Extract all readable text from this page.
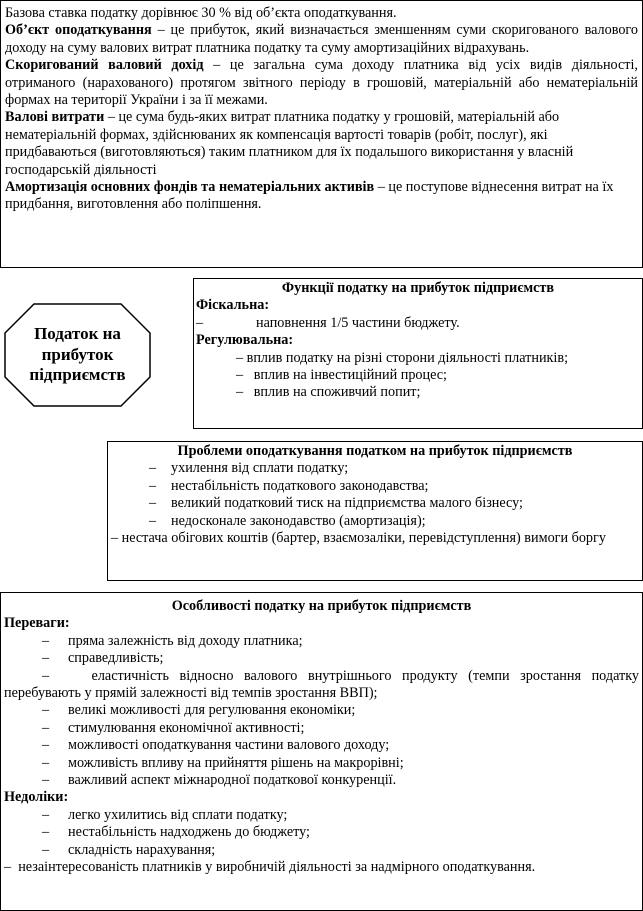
Базова ставка податку дорівнює 30 % від об’єкта оподаткування.
Об’єкт оподаткування – це прибуток, який визначається зменшенням суми скоригованого валового доходу на суму валових витрат платника податку та суму амортизаційних відрахувань.
Скоригований валовий дохід – це загальна сума доходу платника від усіх видів діяльності, отриманого (нарахованого) протягом звітного періоду в грошовій, матеріальній або нематеріальній формах на території України і за її межами.
Валові витрати – це сума будь-яких витрат платника податку у грошовій, матеріальній або нематеріальній формах, здійснюваних як компенсація вартості товарів (робіт, послуг), які придбаваються (виготовляються) таким платником для їх подальшого використання у власній господарській діяльності
Амортизація основних фондів та нематеріальних активів – це поступове віднесення витрат на їх придбання, виготовлення або поліпшення.
Податок на прибуток підприємств
Функції податку на прибуток підприємств
Фіскальна:
–	наповнення 1/5 частини бюджету.
Регулювальна:
– вплив податку на різні сторони діяльності платників;
– вплив на інвестиційний процес;
– вплив на споживчий попит;
Проблеми оподаткування податком на прибуток підприємств
–	ухилення від сплати податку;
–	нестабільність податкового законодавства;
–	великий податковий тиск на підприємства малого бізнесу;
–	недосконале законодавство (амортизація);
– нестача обігових коштів (бартер, взаємозаліки, перевідступлення) вимоги боргу
Особливості податку на прибуток підприємств
Переваги:
–	пряма залежність від доходу платника;
–	справедливість;
–	еластичність відносно валового внутрішнього продукту (темпи зростання податку перебувають у прямій залежності від темпів зростання ВВП);
–	великі можливості для регулювання економіки;
–	стимулювання економічної активності;
–	можливості оподаткування частини валового доходу;
–	можливість впливу на прийняття рішень на макрорівні;
–	важливий аспект міжнародної податкової конкуренції.
Недоліки:
–	легко ухилитись від сплати податку;
–	нестабільність надходжень до бюджету;
–	складність нарахування;
– незаінтересованість платників у виробничій діяльності за надмірного оподаткування.
